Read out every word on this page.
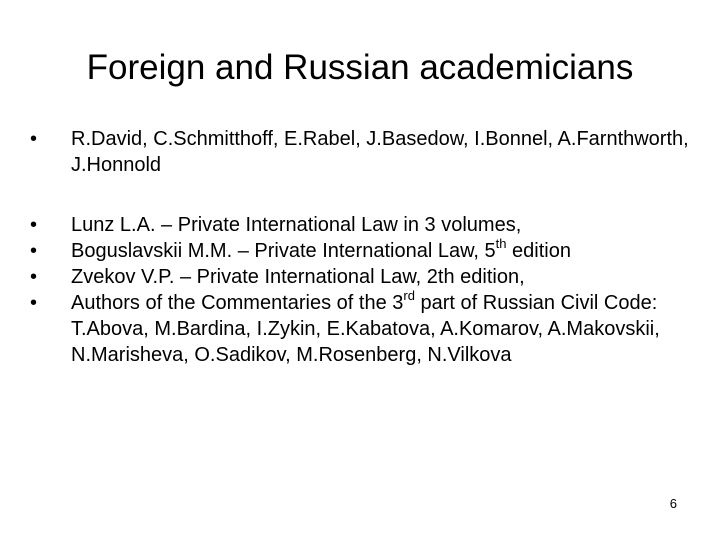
Foreign and Russian academicians
• R.David, C.Schmitthoff, E.Rabel, J.Basedow, I.Bonnel, A.Farnthworth, J.Honnold
• Lunz L.A. – Private International Law in 3 volumes,
• Boguslavskii M.M. – Private International Law, 5th edition
• Zvekov V.P. – Private International Law, 2th edition,
• Authors of the Commentaries of the 3rd part of Russian Civil Code: T.Abova, M.Bardina, I.Zykin, E.Kabatova, A.Komarov, A.Makovskii, N.Marisheva, O.Sadikov, M.Rosenberg, N.Vilkova
6
